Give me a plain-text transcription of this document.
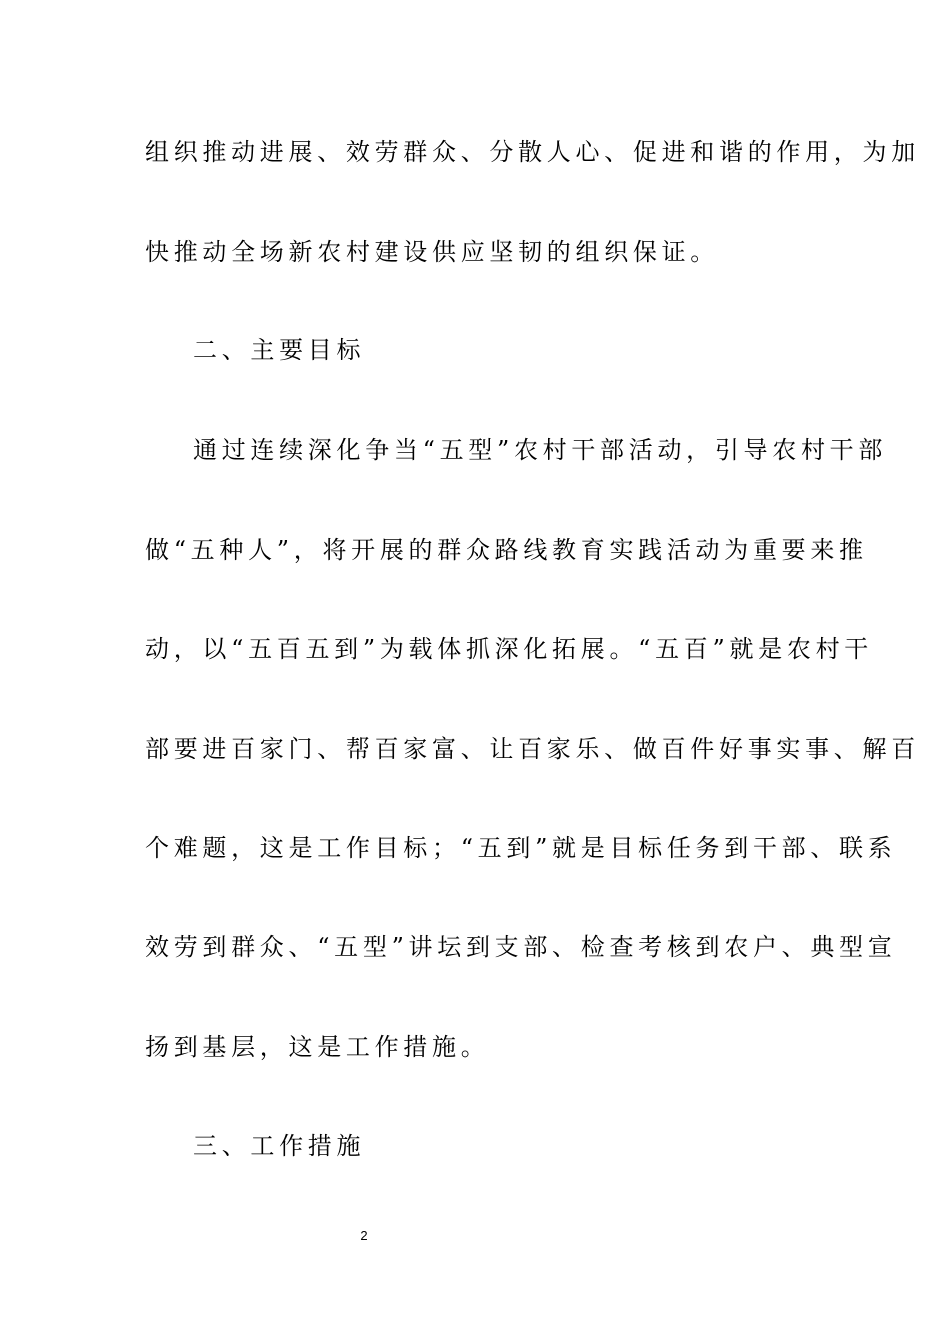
组织推动进展、效劳群众、分散人心、促进和谐的作用，为加
快推动全场新农村建设供应坚韧的组织保证。
二、主要目标
通过连续深化争当“五型”农村干部活动，引导农村干部
做“五种人”，将开展的群众路线教育实践活动为重要来推
动，以“五百五到”为载体抓深化拓展。“五百”就是农村干
部要进百家门、帮百家富、让百家乐、做百件好事实事、解百
个难题，这是工作目标；“五到”就是目标任务到干部、联系
效劳到群众、“五型”讲坛到支部、检查考核到农户、典型宣
扬到基层，这是工作措施。
三、工作措施
2
